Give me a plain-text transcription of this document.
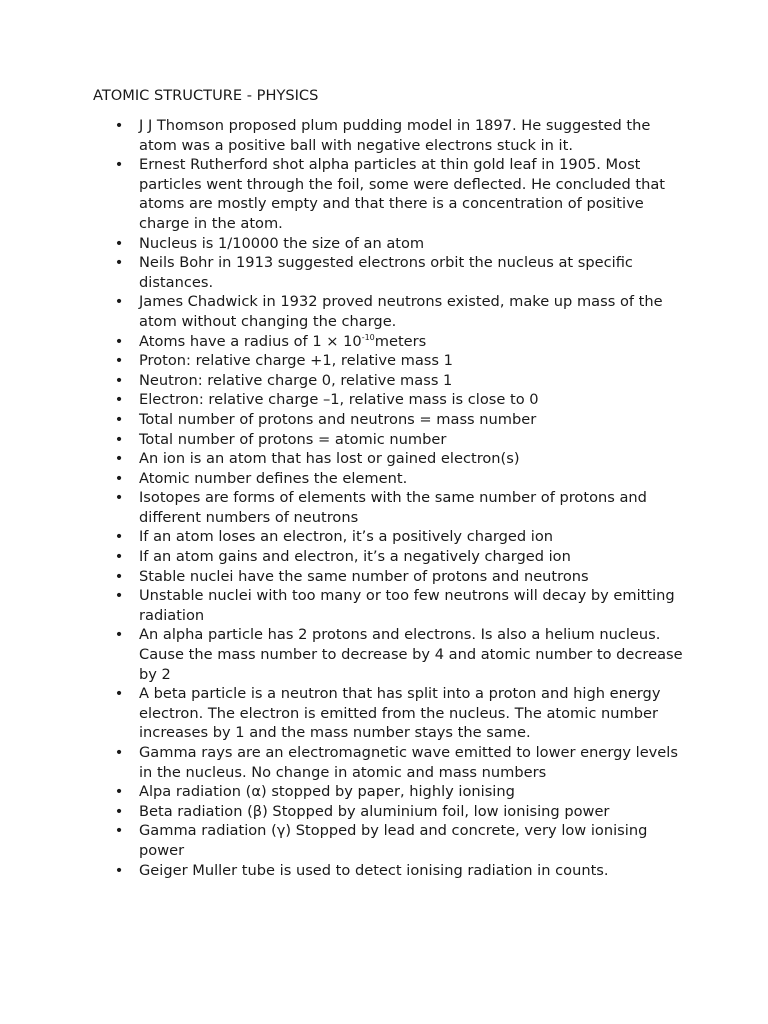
ATOMIC STRUCTURE - PHYSICS
• J J Thomson proposed plum pudding model in 1897. He suggested the atom was a positive ball with negative electrons stuck in it.
• Ernest Rutherford shot alpha particles at thin gold leaf in 1905. Most particles went through the foil, some were deflected. He concluded that atoms are mostly empty and that there is a concentration of positive charge in the atom.
• Nucleus is 1/10000 the size of an atom
• Neils Bohr in 1913 suggested electrons orbit the nucleus at specific distances.
• James Chadwick in 1932 proved neutrons existed, make up mass of the atom without changing the charge.
• Atoms have a radius of $1 \times 10^{-10}meters$
• Proton: relative charge +1, relative mass 1
• Neutron: relative charge 0, relative mass 1
• Electron: relative charge –1, relative mass is close to 0
• Total number of protons and neutrons = mass number
• Total number of protons = atomic number
• An ion is an atom that has lost or gained electron(s)
• Atomic number defines the element.
• Isotopes are forms of elements with the same number of protons and different numbers of neutrons
• If an atom loses an electron, it’s a positively charged ion
• If an atom gains and electron, it’s a negatively charged ion
• Stable nuclei have the same number of protons and neutrons
• Unstable nuclei with too many or too few neutrons will decay by emitting radiation
• An alpha particle has 2 protons and electrons. Is also a helium nucleus. Cause the mass number to decrease by 4 and atomic number to decrease by 2
• A beta particle is a neutron that has split into a proton and high energy electron. The electron is emitted from the nucleus. The atomic number increases by 1 and the mass number stays the same.
• Gamma rays are an electromagnetic wave emitted to lower energy levels in the nucleus. No change in atomic and mass numbers
• Alpa radiation (α) stopped by paper, highly ionising
• Beta radiation (β) Stopped by aluminium foil, low ionising power
• Gamma radiation (γ) Stopped by lead and concrete, very low ionising power
• Geiger Muller tube is used to detect ionising radiation in counts.
